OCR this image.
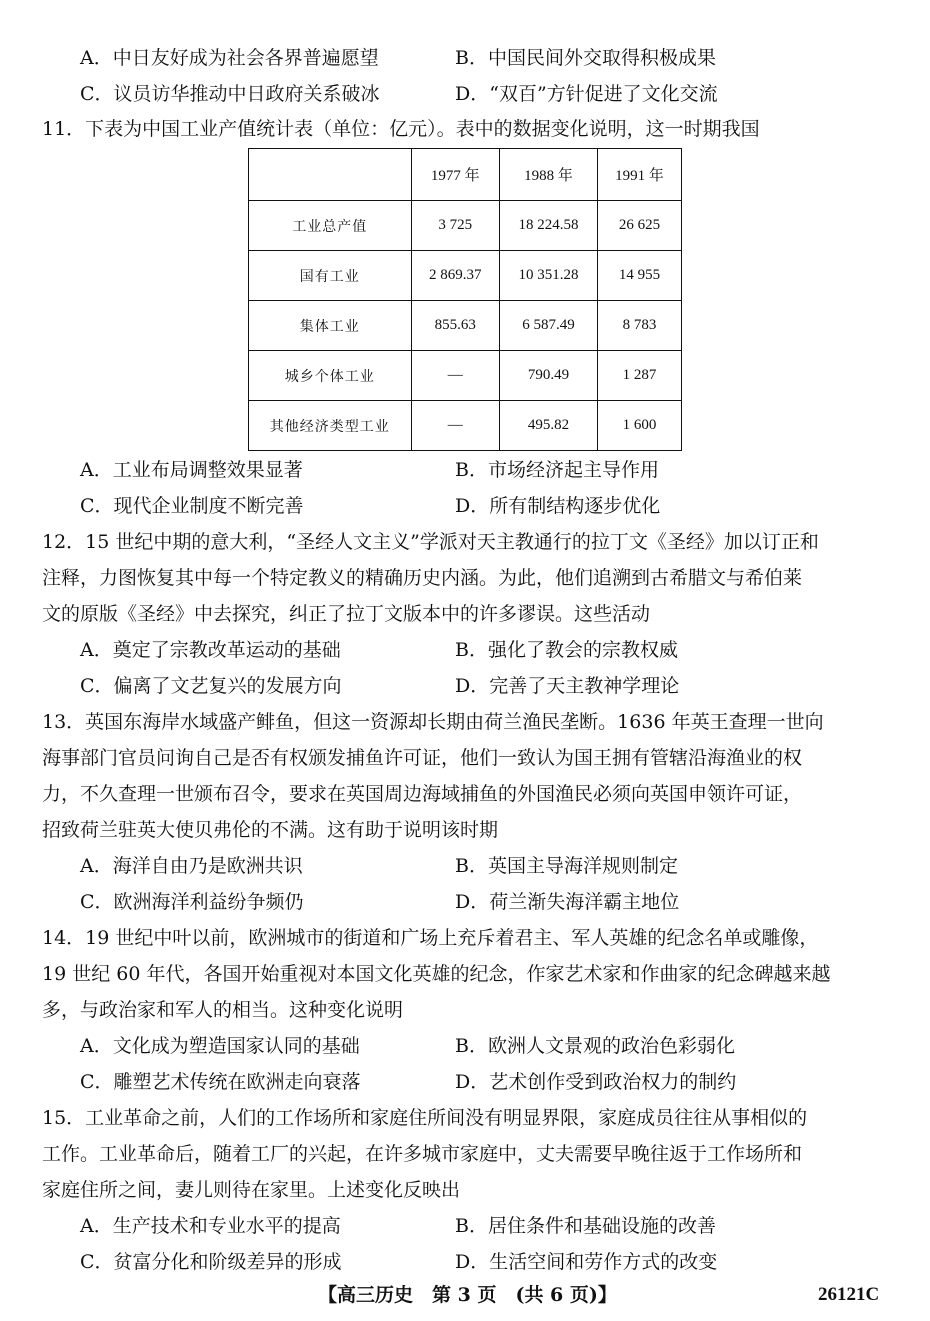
A．中日友好成为社会各界普遍愿望	B．中国民间外交取得积极成果
C．议员访华推动中日政府关系破冰	D．“双百”方针促进了文化交流
11．下表为中国工业产值统计表（单位：亿元）。表中的数据变化说明，这一时期我国
	1977 年	1988 年	1991 年
工业总产值	3 725	18 224.58	26 625
国有工业	2 869.37	10 351.28	14 955
集体工业	855.63	6 587.49	8 783
城乡个体工业	—	790.49	1 287
其他经济类型工业	—	495.82	1 600
A．工业布局调整效果显著	B．市场经济起主导作用
C．现代企业制度不断完善	D．所有制结构逐步优化
12．15 世纪中期的意大利，“圣经人文主义”学派对天主教通行的拉丁文《圣经》加以订正和
注释，力图恢复其中每一个特定教义的精确历史内涵。为此，他们追溯到古希腊文与希伯莱
文的原版《圣经》中去探究，纠正了拉丁文版本中的许多谬误。这些活动
A．奠定了宗教改革运动的基础	B．强化了教会的宗教权威
C．偏离了文艺复兴的发展方向	D．完善了天主教神学理论
13．英国东海岸水域盛产鲱鱼，但这一资源却长期由荷兰渔民垄断。1636 年英王查理一世向
海事部门官员问询自己是否有权颁发捕鱼许可证，他们一致认为国王拥有管辖沿海渔业的权
力，不久查理一世颁布召令，要求在英国周边海域捕鱼的外国渔民必须向英国申领许可证，
招致荷兰驻英大使贝弗伦的不满。这有助于说明该时期
A．海洋自由乃是欧洲共识	B．英国主导海洋规则制定
C．欧洲海洋利益纷争频仍	D．荷兰渐失海洋霸主地位
14．19 世纪中叶以前，欧洲城市的街道和广场上充斥着君主、军人英雄的纪念名单或雕像，
19 世纪 60 年代，各国开始重视对本国文化英雄的纪念，作家艺术家和作曲家的纪念碑越来越
多，与政治家和军人的相当。这种变化说明
A．文化成为塑造国家认同的基础	B．欧洲人文景观的政治色彩弱化
C．雕塑艺术传统在欧洲走向衰落	D．艺术创作受到政治权力的制约
15．工业革命之前，人们的工作场所和家庭住所间没有明显界限，家庭成员往往从事相似的
工作。工业革命后，随着工厂的兴起，在许多城市家庭中，丈夫需要早晚往返于工作场所和
家庭住所之间，妻儿则待在家里。上述变化反映出
A．生产技术和专业水平的提高	B．居住条件和基础设施的改善
C．贫富分化和阶级差异的形成	D．生活空间和劳作方式的改变
【高三历史　第 3 页　(共 6 页)】	26121C
